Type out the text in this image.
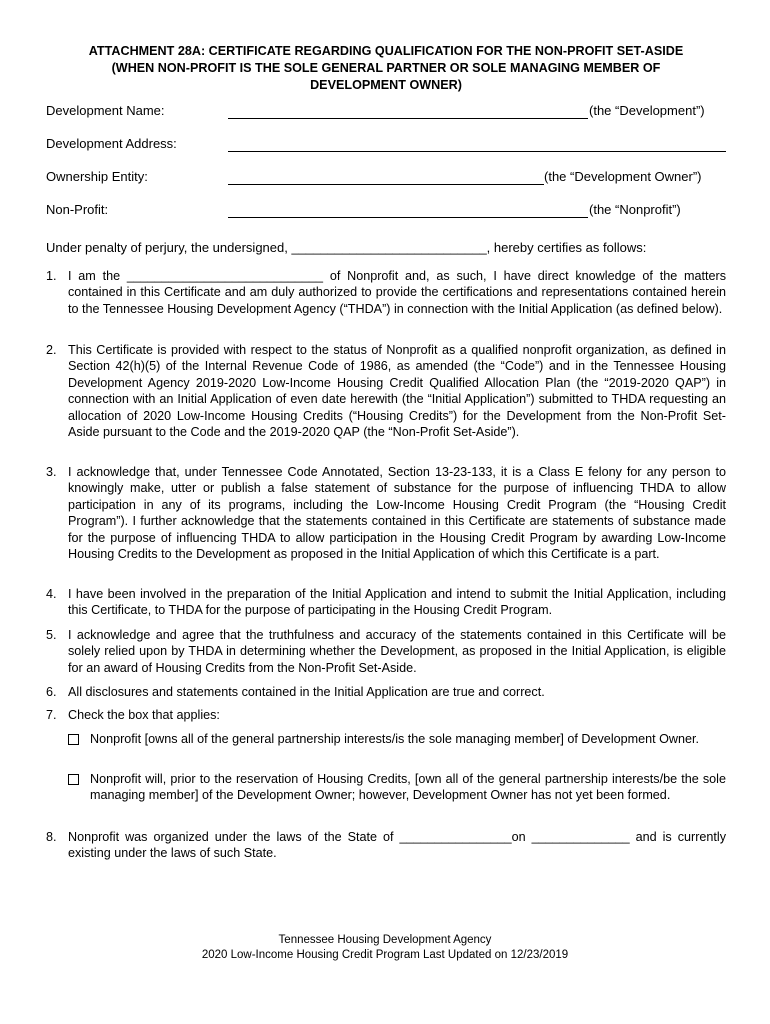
ATTACHMENT 28A: CERTIFICATE REGARDING QUALIFICATION FOR THE NON-PROFIT SET-ASIDE
(WHEN NON-PROFIT IS THE SOLE GENERAL PARTNER OR SOLE MANAGING MEMBER OF
DEVELOPMENT OWNER)
Development Name:	(the “Development”)
Development Address:
Ownership Entity:	(the “Development Owner”)
Non-Profit:	(the “Nonprofit”)
Under penalty of perjury, the undersigned, ___________________________, hereby certifies as follows:
1. I am the ____________________________ of Nonprofit and, as such, I have direct knowledge of the matters contained in this Certificate and am duly authorized to provide the certifications and representations contained herein to the Tennessee Housing Development Agency (“THDA”) in connection with the Initial Application (as defined below).
2. This Certificate is provided with respect to the status of Nonprofit as a qualified nonprofit organization, as defined in Section 42(h)(5) of the Internal Revenue Code of 1986, as amended (the “Code”) and in the Tennessee Housing Development Agency 2019-2020 Low-Income Housing Credit Qualified Allocation Plan (the “2019-2020 QAP”) in connection with an Initial Application of even date herewith (the “Initial Application”) submitted to THDA requesting an allocation of 2020 Low-Income Housing Credits (“Housing Credits”) for the Development from the Non-Profit Set-Aside pursuant to the Code and the 2019-2020 QAP (the “Non-Profit Set-Aside”).
3. I acknowledge that, under Tennessee Code Annotated, Section 13-23-133, it is a Class E felony for any person to knowingly make, utter or publish a false statement of substance for the purpose of influencing THDA to allow participation in any of its programs, including the Low-Income Housing Credit Program (the “Housing Credit Program”). I further acknowledge that the statements contained in this Certificate are statements of substance made for the purpose of influencing THDA to allow participation in the Housing Credit Program by awarding Low-Income Housing Credits to the Development as proposed in the Initial Application of which this Certificate is a part.
4. I have been involved in the preparation of the Initial Application and intend to submit the Initial Application, including this Certificate, to THDA for the purpose of participating in the Housing Credit Program.
5. I acknowledge and agree that the truthfulness and accuracy of the statements contained in this Certificate will be solely relied upon by THDA in determining whether the Development, as proposed in the Initial Application, is eligible for an award of Housing Credits from the Non-Profit Set-Aside.
6. All disclosures and statements contained in the Initial Application are true and correct.
7. Check the box that applies:
Nonprofit [owns all of the general partnership interests/is the sole managing member] of Development Owner.
Nonprofit will, prior to the reservation of Housing Credits, [own all of the general partnership interests/be the sole managing member] of the Development Owner; however, Development Owner has not yet been formed.
8. Nonprofit was organized under the laws of the State of ________________on ______________ and is currently existing under the laws of such State.
Tennessee Housing Development Agency
2020 Low-Income Housing Credit Program Last Updated on 12/23/2019
